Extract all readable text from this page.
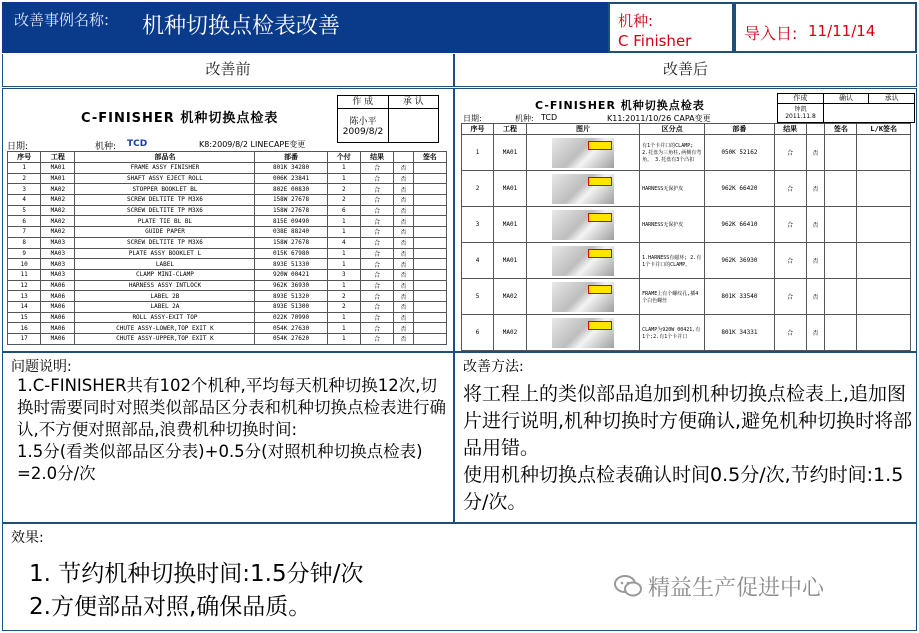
改善事例名称: 机种切换点检表改善	机种:
C Finisher	导入日: 11/11/14
改善前	改善后
C-FINISHER 机种切换点检表
作 成	承 认
陈小平
2009/8/2
日期:	机种: TCD	K8:2009/8/2 LINECAPE变更
序号	工程	部品名	部番	个付	结果		签名
1	MA01	FRAME ASSY FINISHER	801K 34280	1	合	否	
2	MA01	SHAFT ASSY EJECT ROLL	006K 23841	1	合	否	
3	MA02	STOPPER BOOKLET BL	802E 00830	2	合	否	
4	MA02	SCREW DELTITE TP M3X6	158W 27678	2	合	否	
5	MA02	SCREW DELTITE TP M3X6	158W 27678	6	合	否	
6	MA02	PLATE TIE BL BL	815E 09490	1	合	否	
7	MA02	GUIDE PAPER	038E 88240	1	合	否	
8	MA03	SCREW DELTITE TP M3X6	158W 27678	4	合	否	
9	MA03	PLATE ASSY BOOKLET L	015K 67980	1	合	否	
10	MA03	LABEL	893E 51330	1	合	否	
11	MA03	CLAMP MINI-CLAMP	920W 00421	3	合	否	
12	MA06	HARNESS ASSY INTLOCK	962K 36930	1	合	否	
13	MA06	LABEL 2B	893E 51320	2	合	否	
14	MA06	LABEL 2A	893E 51300	2	合	否	
15	MA06	ROLL ASSY-EXIT TOP	022K 70990	1	合	否	
16	MA06	CHUTE ASSY-LOWER,TOP EXIT K	054K 27630	1	合	否	
17	MA06	CHUTE ASSY-UPPER,TOP EXIT K	054K 27620	1	合	否	
C-FINISHER 机种切换点检表
作成	确认	承认
钟凯
2011.11.8
日期:	机种: TCD	K11:2011/10/26 CAPA变更
序号	工程	图片	区分点	部番	结果		签名	L/K签名
1	MA01		有1个卡并口的CLAMP; 2.托盘为三角柱,两侧有弯角。 3.托盘有3个凸扣	050K 52162	合	否		
2	MA01		HARNESS无保护皮	962K 66420	合	否		
3	MA01		HARNESS无保护皮	962K 66410	合	否		
4	MA01		1.HARNESS有磁环; 2.有1个卡并口的CLAMP。	962K 36930	合	否		
5	MA02		FRAME上有个螺纹孔,插4个白色螺丝	801K 33540	合	否		
6	MA02		CLAMP为920W 00421,有1个;2.有1个卡并口	801K 34331	合	否		
问题说明:
1.C-FINISHER共有102个机种,平均每天机种切换12次,切换时需要同时对照类似部品区分表和机种切换点检表进行确认,不方便对照部品,浪费机种切换时间:
1.5分(看类似部品区分表)+0.5分(对照机种切换点检表) =2.0分/次
改善方法:
将工程上的类似部品追加到机种切换点检表上,追加图片进行说明,机种切换时方便确认,避免机种切换时将部品用错。
使用机种切换点检表确认时间0.5分/次,节约时间:1.5分/次。
效果:
1. 节约机种切换时间:1.5分钟/次
2.方便部品对照,确保品质。
精益生产促进中心
